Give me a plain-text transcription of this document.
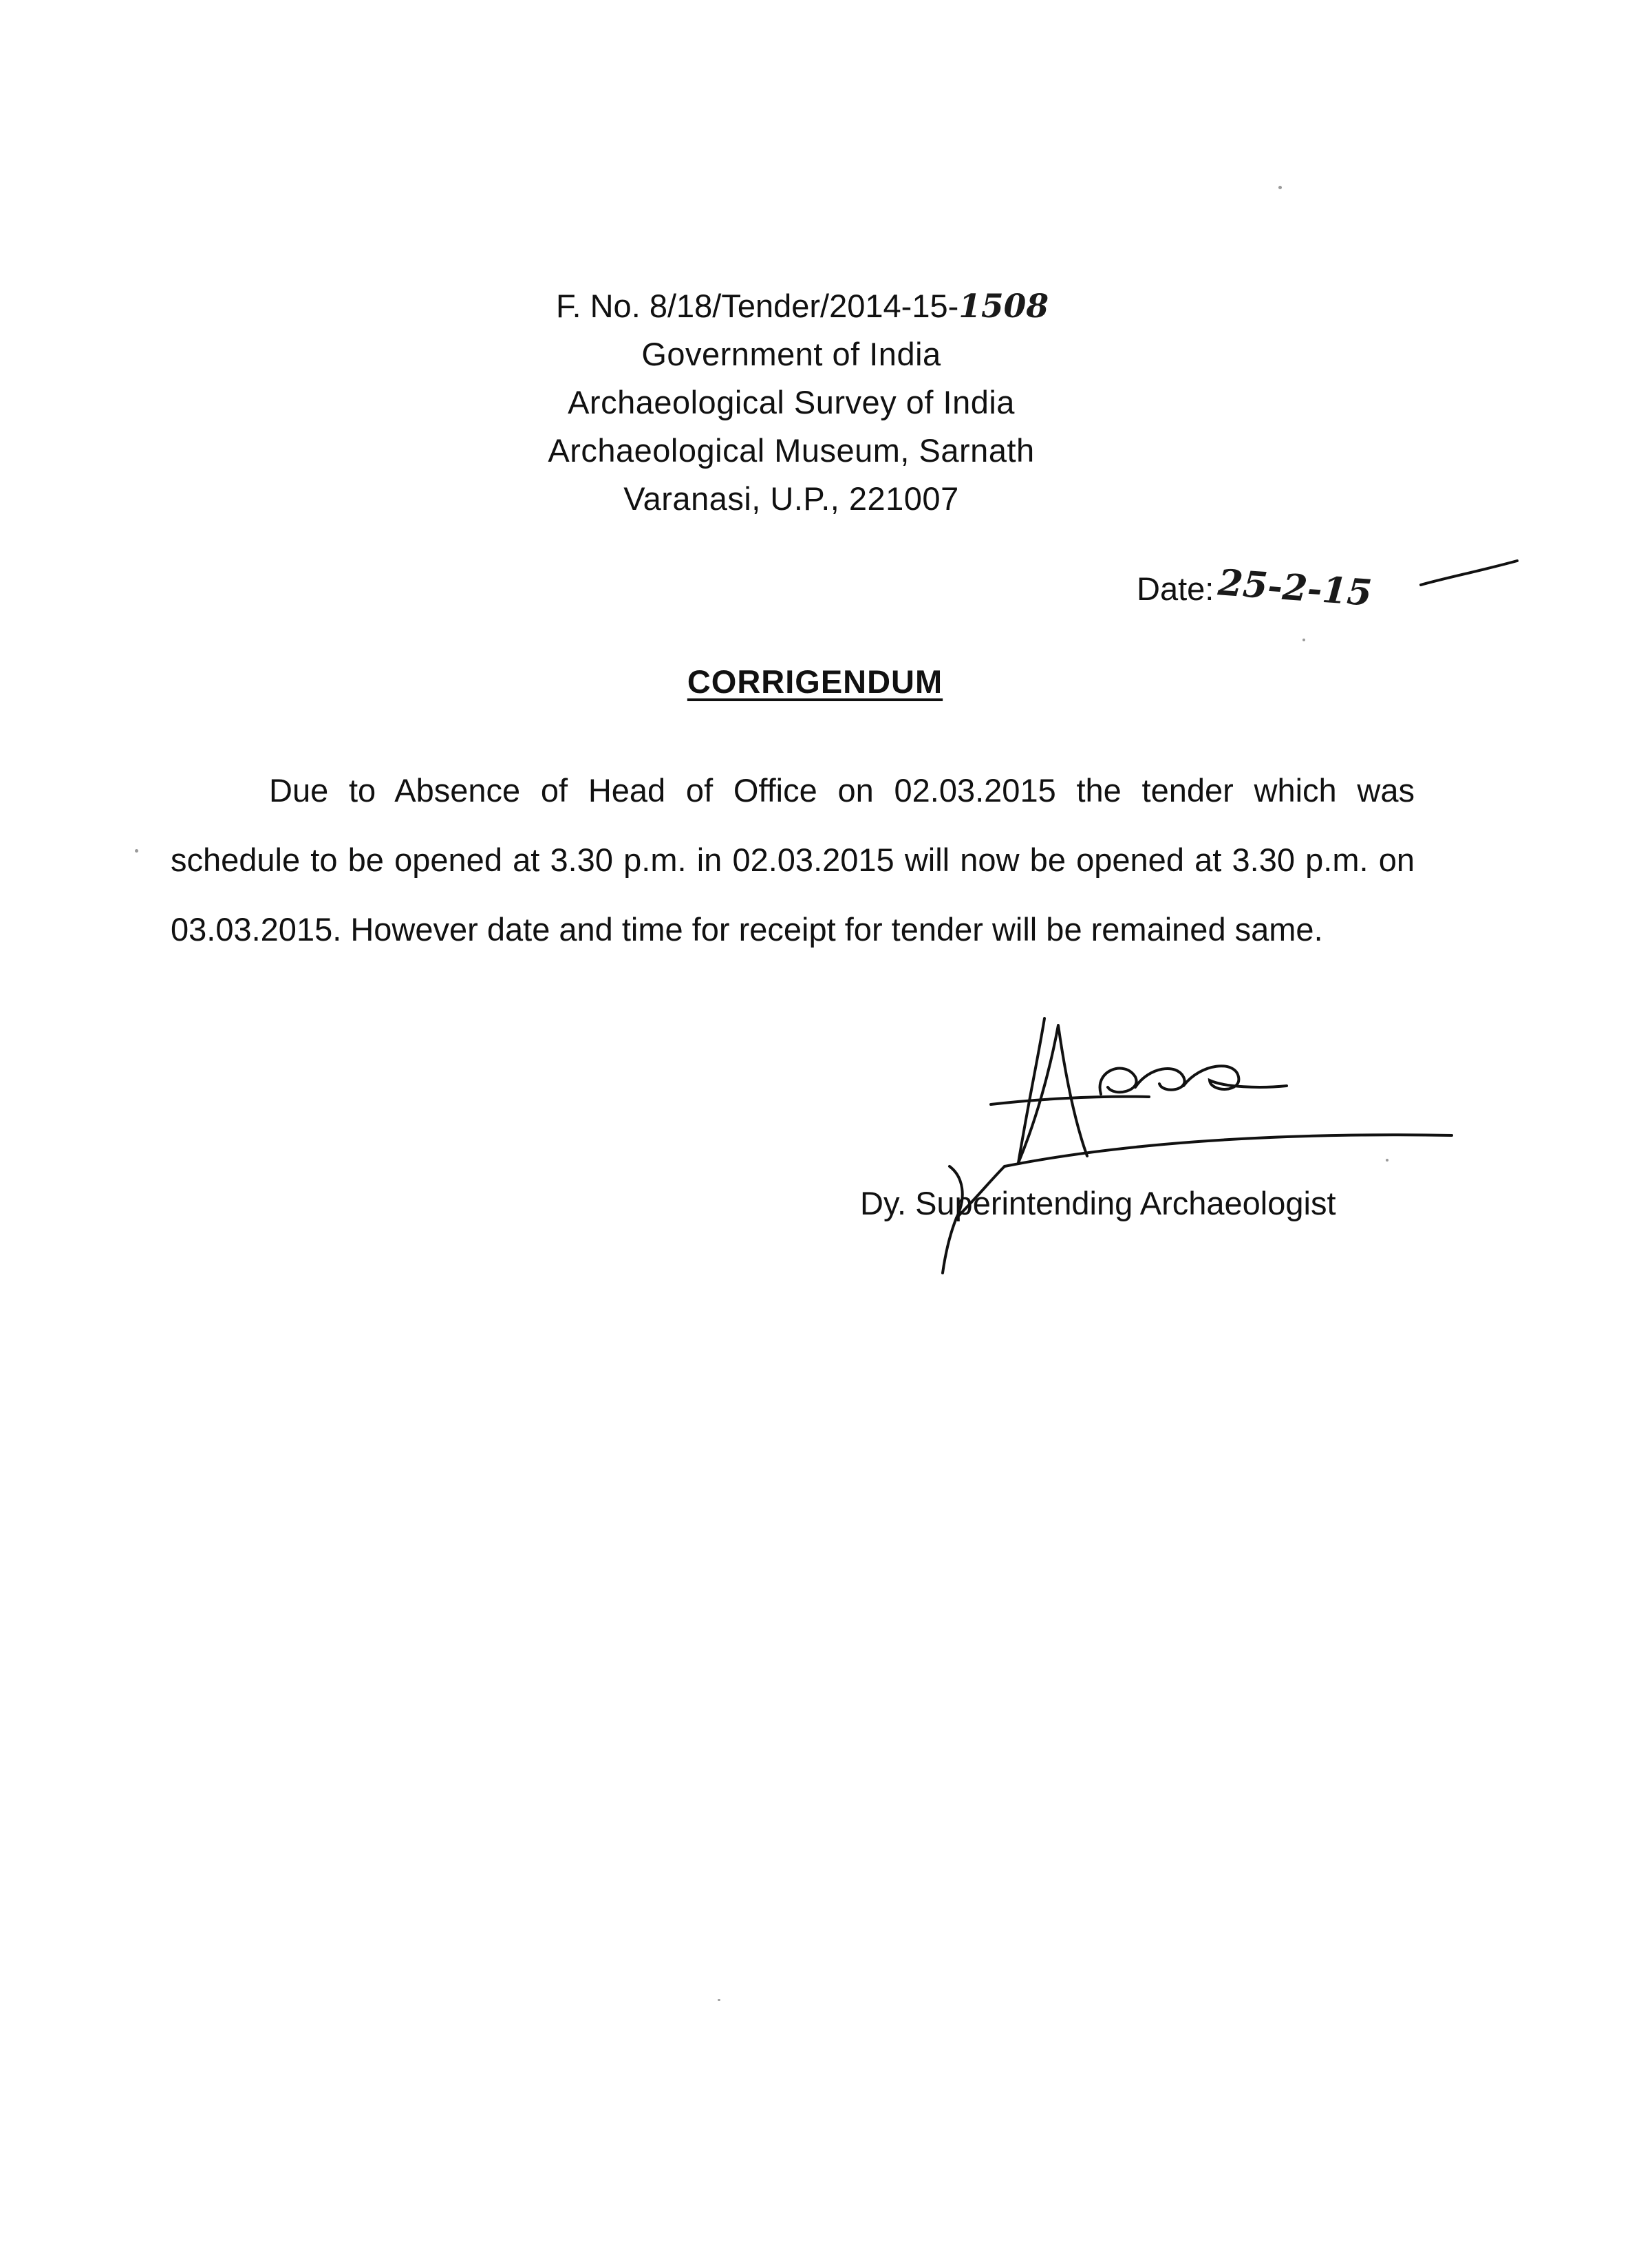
F. No. 8/18/Tender/2014-15-1508
Government of India
Archaeological Survey of India
Archaeological Museum, Sarnath
Varanasi, U.P., 221007
Date:25-2-15
CORRIGENDUM

Due to Absence of Head of Office on 02.03.2015 the tender which was schedule to be opened at 3.30 p.m. in 02.03.2015 will now be opened at 3.30 p.m. on 03.03.2015. However date and time for receipt for tender will be remained same.

Dy. Superintending Archaeologist
